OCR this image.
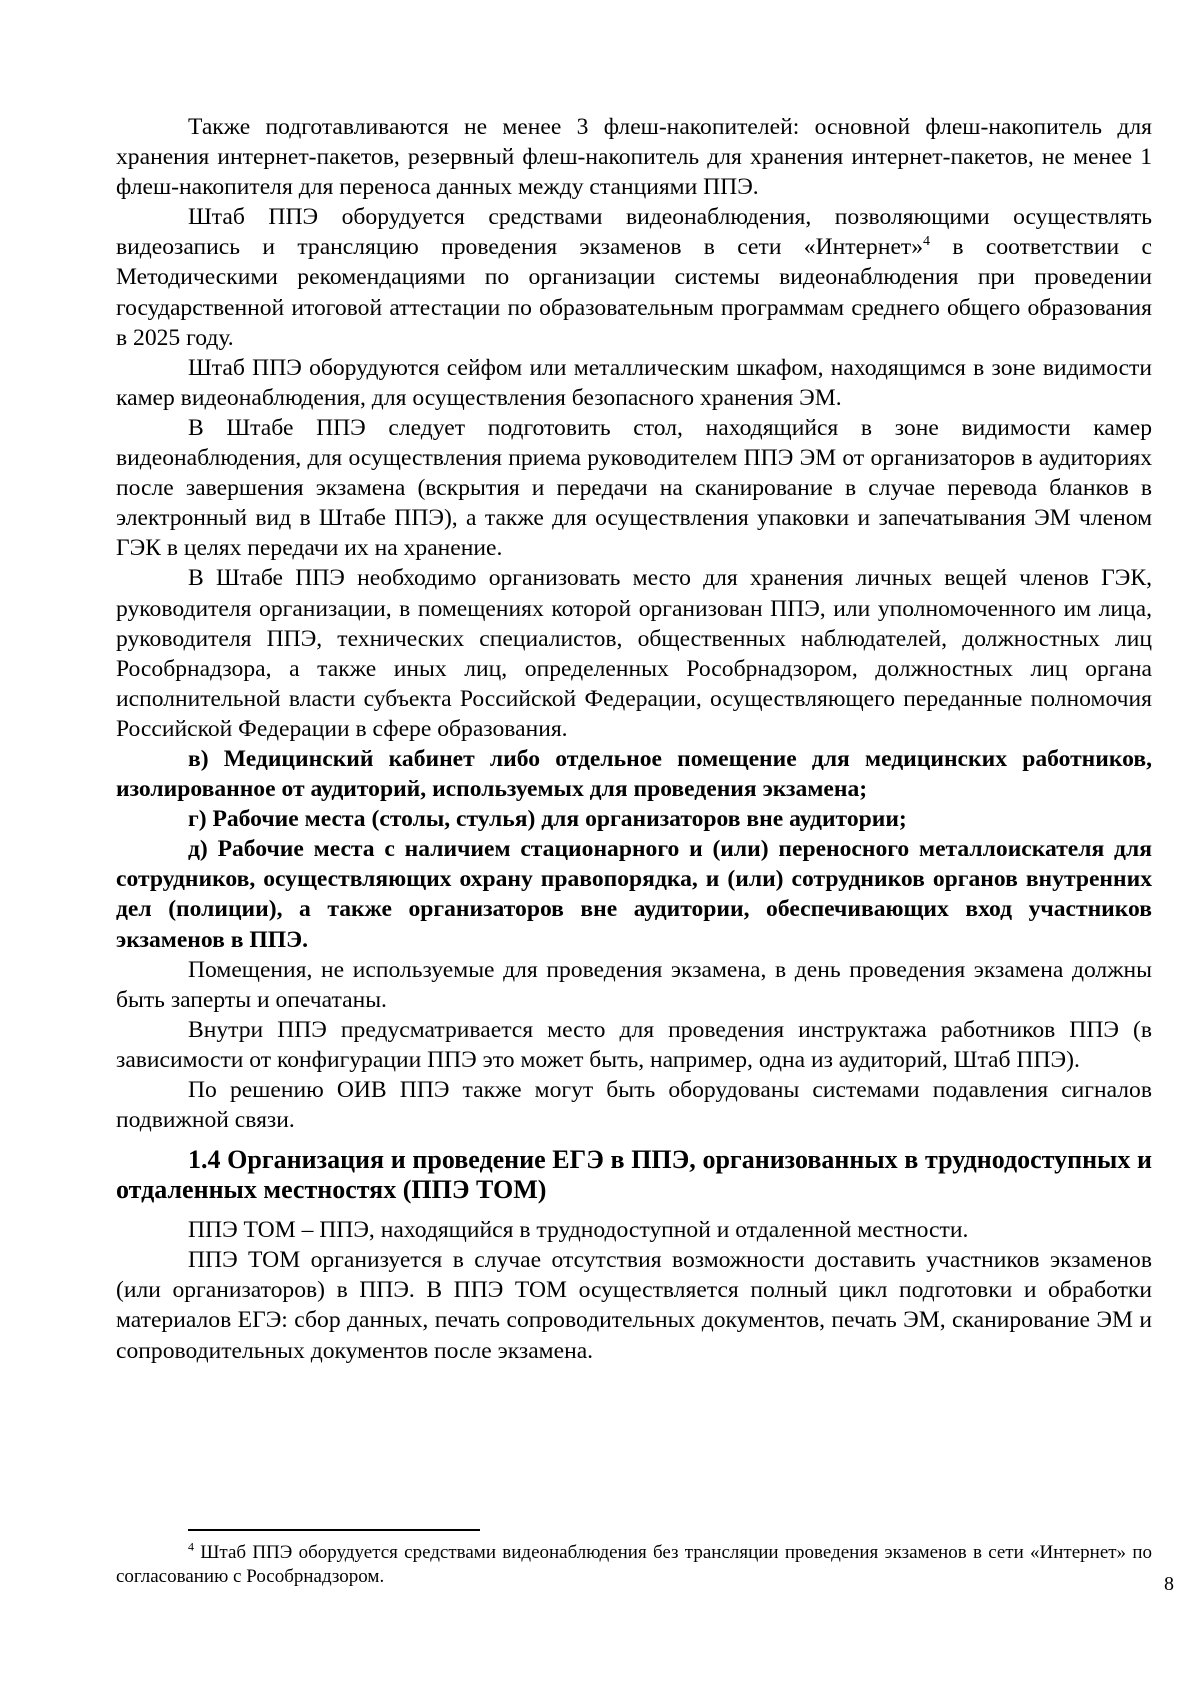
Также подготавливаются не менее 3 флеш-накопителей: основной флеш-накопитель для хранения интернет-пакетов, резервный флеш-накопитель для хранения интернет-пакетов, не менее 1 флеш-накопителя для переноса данных между станциями ППЭ.

Штаб ППЭ оборудуется средствами видеонаблюдения, позволяющими осуществлять видеозапись и трансляцию проведения экзаменов в сети «Интернет»$^4$ в соответствии с Методическими рекомендациями по организации системы видеонаблюдения при проведении государственной итоговой аттестации по образовательным программам среднего общего образования в 2025 году.

Штаб ППЭ оборудуются сейфом или металлическим шкафом, находящимся в зоне видимости камер видеонаблюдения, для осуществления безопасного хранения ЭМ.

В Штабе ППЭ следует подготовить стол, находящийся в зоне видимости камер видеонаблюдения, для осуществления приема руководителем ППЭ ЭМ от организаторов в аудиториях после завершения экзамена (вскрытия и передачи на сканирование в случае перевода бланков в электронный вид в Штабе ППЭ), а также для осуществления упаковки и запечатывания ЭМ членом ГЭК в целях передачи их на хранение.

В Штабе ППЭ необходимо организовать место для хранения личных вещей членов ГЭК, руководителя организации, в помещениях которой организован ППЭ, или уполномоченного им лица, руководителя ППЭ, технических специалистов, общественных наблюдателей, должностных лиц Рособрнадзора, а также иных лиц, определенных Рособрнадзором, должностных лиц органа исполнительной власти субъекта Российской Федерации, осуществляющего переданные полномочия Российской Федерации в сфере образования.

в) Медицинский кабинет либо отдельное помещение для медицинских работников, изолированное от аудиторий, используемых для проведения экзамена;

г) Рабочие места (столы, стулья) для организаторов вне аудитории;

д) Рабочие места с наличием стационарного и (или) переносного металлоискателя для сотрудников, осуществляющих охрану правопорядка, и (или) сотрудников органов внутренних дел (полиции), а также организаторов вне аудитории, обеспечивающих вход участников экзаменов в ППЭ.

Помещения, не используемые для проведения экзамена, в день проведения экзамена должны быть заперты и опечатаны.

Внутри ППЭ предусматривается место для проведения инструктажа работников ППЭ (в зависимости от конфигурации ППЭ это может быть, например, одна из аудиторий, Штаб ППЭ).

По решению ОИВ ППЭ также могут быть оборудованы системами подавления сигналов подвижной связи.

1.4 Организация и проведение ЕГЭ в ППЭ, организованных в труднодоступных и отдаленных местностях (ППЭ ТОМ)

ППЭ ТОМ – ППЭ, находящийся в труднодоступной и отдаленной местности.

ППЭ ТОМ организуется в случае отсутствия возможности доставить участников экзаменов (или организаторов) в ППЭ. В ППЭ ТОМ осуществляется полный цикл подготовки и обработки материалов ЕГЭ: сбор данных, печать сопроводительных документов, печать ЭМ, сканирование ЭМ и сопроводительных документов после экзамена.

$^4$ Штаб ППЭ оборудуется средствами видеонаблюдения без трансляции проведения экзаменов в сети «Интернет» по согласованию с Рособрнадзором.	8
